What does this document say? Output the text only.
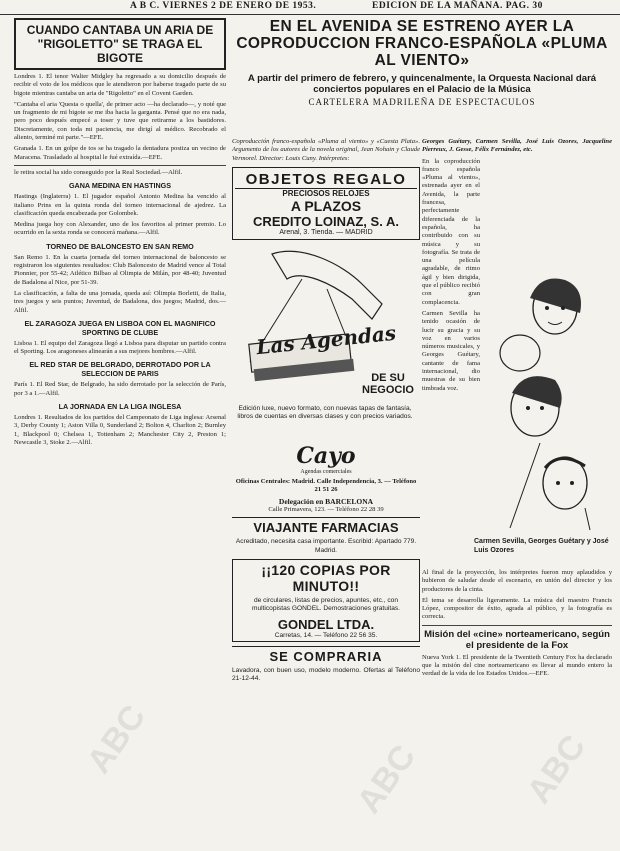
A B C. VIERNES 2 DE ENERO DE 1953.	EDICION DE LA MAÑANA. PAG. 30
CUANDO CANTABA UN ARIA DE "RIGOLETTO" SE TRAGA EL BIGOTE

Londres 1. El tenor Walter Midgley ha regresado a su domicilio después de recibir el voto de los médicos que le atendieron por haberse tragado parte de su bigote mientras cantaba un aria de "Rigoletto" en el Covent Garden.

"Cantaba el aria 'Questa o quella', de primer acto —ha declarado—, y noté que un fragmento de mi bigote se me iba hacia la garganta. Pensé que no era nada, pero poco después empecé a toser y tuve que retirarme a los bastidores. Discretamente, con toda mi paciencia, me dirigí al médico. Recobrado el aliento, terminé mi parte."—EFE.

Granada 1. En un golpe de tos se ha tragado la dentadura postiza un vecino de Maracena. Trasladado al hospital le fué extraída.—EFE.

le retira social ha sido conseguido por la Real Sociedad.—Alfil.

GANA MEDINA EN HASTINGS

Hastings (Inglaterra) 1. El jugador español Antonio Medina ha vencido al italiano Prins en la quinta ronda del torneo internacional de ajedrez. La clasificación queda encabezada por Golombek.

Medina juega hoy con Alexander, uno de los favoritos al primer premio. Lo ocurrido en la sexta ronda se conocerá mañana.—Alfil.

TORNEO DE BALONCESTO EN SAN REMO

San Remo 1. En la cuarta jornada del torneo internacional de baloncesto se registraron los siguientes resultados: Club Baloncesto de Madrid vence al Total Pionnier, por 55-42; Atlético Bilbao al Olimpia de Milán, por 48-40; Juventud de Badalona al Nice, por 51-39.

La clasificación, a falta de una jornada, queda así: Olimpia Borletti, de Italia, tres juegos y seis puntos; Juventud, de Badalona, dos juegos; Madrid, dos.—Alfil.

EL ZARAGOZA JUEGA EN LISBOA CON EL MAGNIFICO SPORTING DE CLUBE

Lisboa 1. El equipo del Zaragoza llegó a Lisboa para disputar un partido contra el Sporting. Los aragoneses alinearán a sus mejores hombres.—Alfil.

EL RED STAR DE BELGRADO, DERROTADO POR LA SELECCION DE PARIS

París 1. El Red Star, de Belgrado, ha sido derrotado por la selección de París, por 3 a 1.—Alfil.

LA JORNADA EN LA LIGA INGLESA

Londres 1. Resultados de los partidos del Campeonato de Liga inglesa: Arsenal 3, Derby County 1; Aston Villa 0, Sunderland 2; Bolton 4, Charlton 2; Burnley 1, Blackpool 0; Chelsea 1, Tottenham 2; Manchester City 2, Preston 1; Newcastle 3, Stoke 2.—Alfil.

EN EL AVENIDA SE ESTRENO AYER LA COPRODUCCION FRANCO-ESPAÑOLA «PLUMA AL VIENTO»
A partir del primero de febrero, y quincenalmente, la Orquesta Nacional dará conciertos populares en el Palacio de la Música
CARTELERA MADRILEÑA DE ESPECTACULOS

Coproducción franco-española «Pluma al viento» y «Cuesta Plata». Argumento de los autores de la novela original, Jean Nohain y Claude Vermorel. Director: Louis Cuny. Intérpretes:

OBJETOS REGALO
PRECIOSOS RELOJES
A PLAZOS
CREDITO LOINAZ, S. A.
Arenal, 3. Tienda. — MADRID
Las Agendas
DE SU NEGOCIO

Edición luxe, nuevo formato, con nuevas tapas de fantasía, libros de cuentas en diversas clases y con precios variados.

Cayo
Agendas comerciales

Oficinas Centrales: Madrid. Calle Independencia, 3. — Teléfono 21 51 26

Delegación en BARCELONA
Calle Primavera, 123. — Teléfono 22 28 39
VIAJANTE FARMACIAS

Acreditado, necesita casa importante. Escribid: Apartado 779. Madrid.

¡¡120 COPIAS POR MINUTO!!

de circulares, listas de precios, apuntes, etc., con multicopistas GONDEL. Demostraciones gratuitas.

GONDEL LTDA.
Carretas, 14. — Teléfono 22 56 35.
SE COMPRARIA

Lavadora, con buen uso, modelo moderno. Ofertas al Teléfono 21-12-44.

Georges Guétary, Carmen Sevilla, José Luis Ozores, Jacqueline Pierreux, J. Gesse, Félix Fernández, etc.

En la coproducción franco española «Pluma al viento», estrenada ayer en el Avenida, la parte francesa, perfectamente diferenciada de la española, ha contribuido con su música y su fotografía. Se trata de una película agradable, de ritmo ágil y bien dirigida, que el público recibió con gran complacencia.

Carmen Sevilla ha tenido ocasión de lucir su gracia y su voz en varios números musicales, y Georges Guétary, cantante de fama internacional, dio muestras de su bien timbrada voz.

Carmen Sevilla, Georges Guétary y José Luis Ozores

Al final de la proyección, los intérpretes fueron muy aplaudidos y hubieron de saludar desde el escenario, en unión del director y los productores de la cinta.

El tema se desarrolla ligeramente. La música del maestro Francis López, compositor de éxito, agrada al público, y la fotografía es correcta.

Misión del «cine» norteamericano, según el presidente de la Fox

Nueva York 1. El presidente de la Twentieth Century Fox ha declarado que la misión del cine norteamericano es llevar al mundo entero la verdad de la vida de los Estados Unidos.—EFE.

ABC	ABC	ABC
